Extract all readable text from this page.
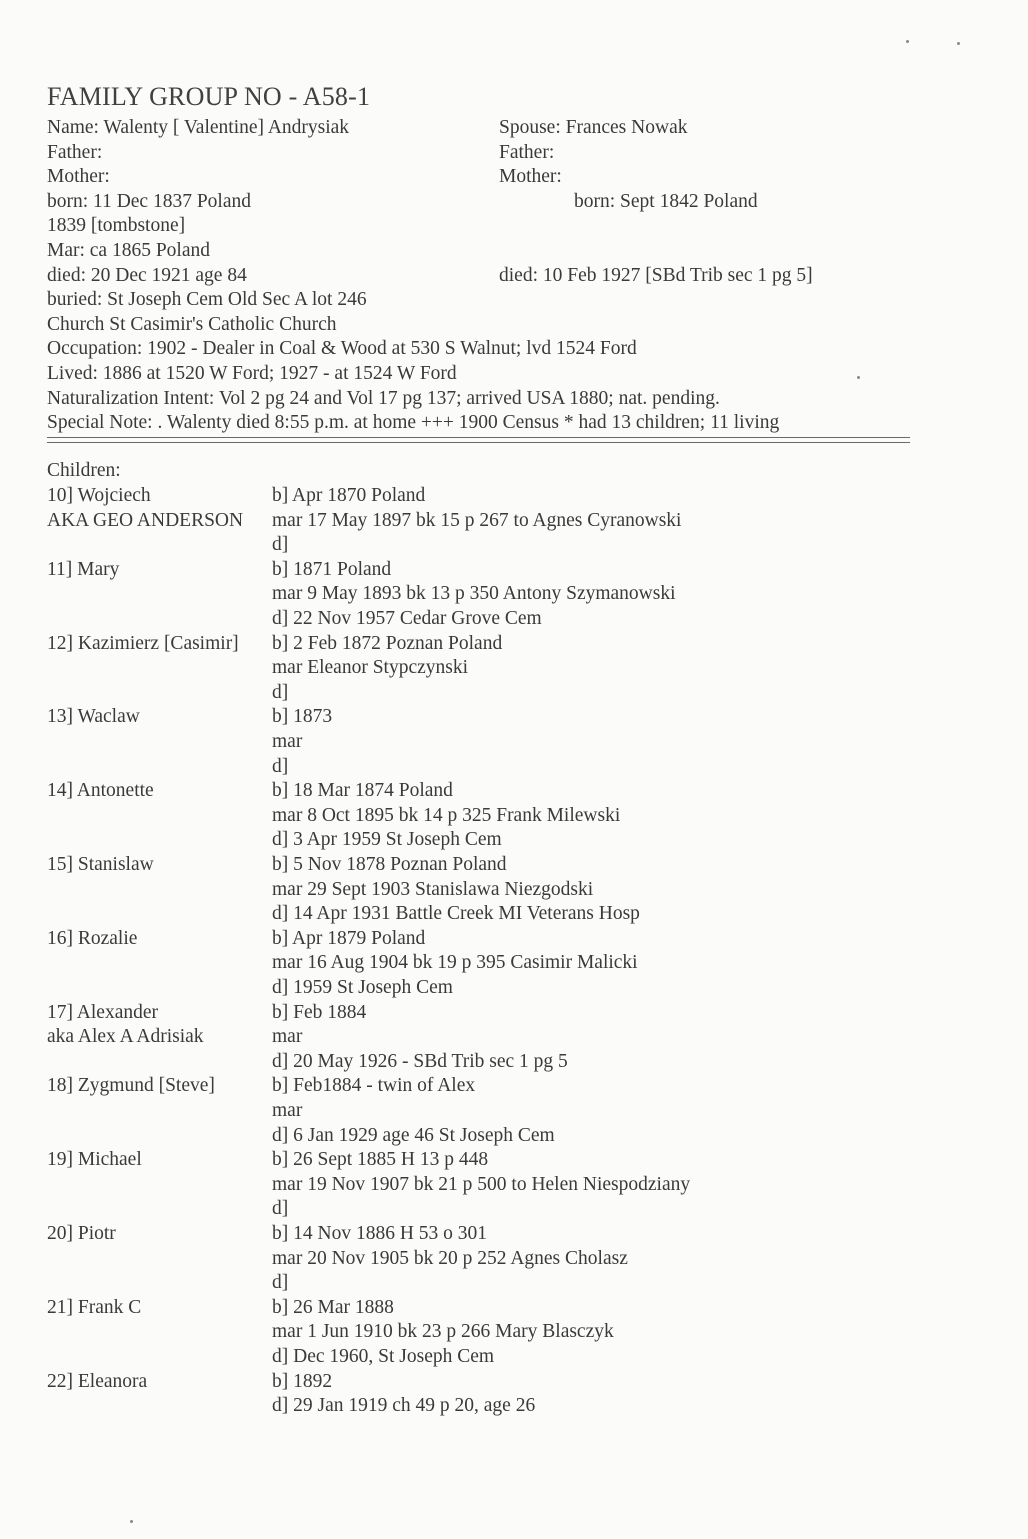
FAMILY GROUP NO - A58-1
Name: Walenty [ Valentine] Andrysiak
Father:
Mother:
born: 11 Dec 1837 Poland
1839 [tombstone]
Mar: ca 1865 Poland
died: 20 Dec 1921 age 84
buried: St Joseph Cem Old Sec A lot 246
Church St Casimir's Catholic Church
Occupation: 1902 - Dealer in Coal & Wood at 530 S Walnut; lvd 1524 Ford
Lived: 1886 at 1520 W Ford; 1927 - at 1524 W Ford
Naturalization Intent: Vol 2 pg 24 and Vol 17 pg 137; arrived USA 1880; nat. pending.
Special Note: . Walenty died 8:55 p.m. at home +++ 1900 Census * had 13 children; 11 living
Spouse: Frances Nowak
Father:
Mother:
born: Sept 1842 Poland
died: 10 Feb 1927 [SBd Trib sec 1 pg 5]
Children:
10] Wojciech
AKA GEO ANDERSON
b] Apr 1870 Poland
mar 17 May 1897 bk 15 p 267 to Agnes Cyranowski
d]
11] Mary	b] 1871 Poland
mar 9 May 1893 bk 13 p 350 Antony Szymanowski
d] 22 Nov 1957 Cedar Grove Cem
12] Kazimierz [Casimir] b] 2 Feb 1872 Poznan Poland
mar Eleanor Stypczynski
d]
13] Waclaw	b] 1873
mar
d]
14] Antonette	b] 18 Mar 1874 Poland
mar 8 Oct 1895 bk 14 p 325 Frank Milewski
d] 3 Apr 1959 St Joseph Cem
15] Stanislaw	b] 5 Nov 1878 Poznan Poland
mar 29 Sept 1903 Stanislawa Niezgodski
d] 14 Apr 1931 Battle Creek MI Veterans Hosp
16] Rozalie	b] Apr 1879 Poland
mar 16 Aug 1904 bk 19 p 395 Casimir Malicki
d] 1959 St Joseph Cem
17] Alexander
aka Alex A Adrisiak
b] Feb 1884
mar
d] 20 May 1926 - SBd Trib sec 1 pg 5
18] Zygmund [Steve]	b] Feb1884 - twin of Alex
mar
d] 6 Jan 1929 age 46 St Joseph Cem
19] Michael	b] 26 Sept 1885 H 13 p 448
mar 19 Nov 1907 bk 21 p 500 to Helen Niespodziany
d]
20] Piotr	b] 14 Nov 1886 H 53 o 301
mar 20 Nov 1905 bk 20 p 252 Agnes Cholasz
d]
21] Frank C	b] 26 Mar 1888
mar 1 Jun 1910 bk 23 p 266 Mary Blasczyk
d] Dec 1960, St Joseph Cem
22] Eleanora	b] 1892
d] 29 Jan 1919 ch 49 p 20, age 26
